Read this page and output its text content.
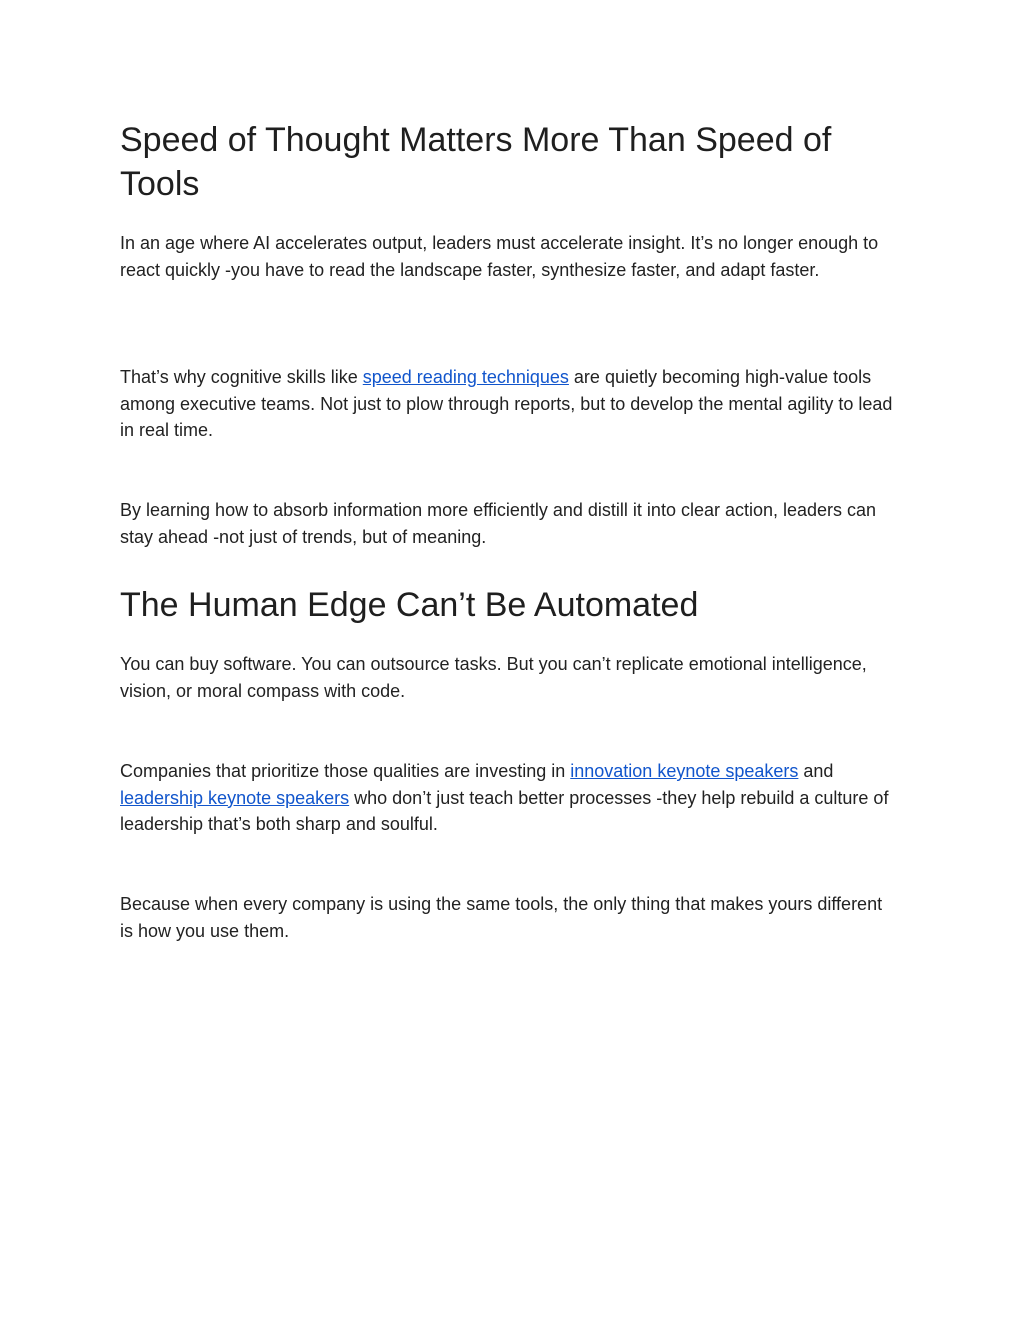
Speed of Thought Matters More Than Speed of Tools

In an age where AI accelerates output, leaders must accelerate insight. It’s no longer enough to react quickly -you have to read the landscape faster, synthesize faster, and adapt faster.

That’s why cognitive skills like speed reading techniques are quietly becoming high-value tools among executive teams. Not just to plow through reports, but to develop the mental agility to lead in real time.

By learning how to absorb information more efficiently and distill it into clear action, leaders can stay ahead -not just of trends, but of meaning.

The Human Edge Can’t Be Automated

You can buy software. You can outsource tasks. But you can’t replicate emotional intelligence, vision, or moral compass with code.

Companies that prioritize those qualities are investing in innovation keynote speakers and leadership keynote speakers who don’t just teach better processes -they help rebuild a culture of leadership that’s both sharp and soulful.

Because when every company is using the same tools, the only thing that makes yours different is how you use them.
